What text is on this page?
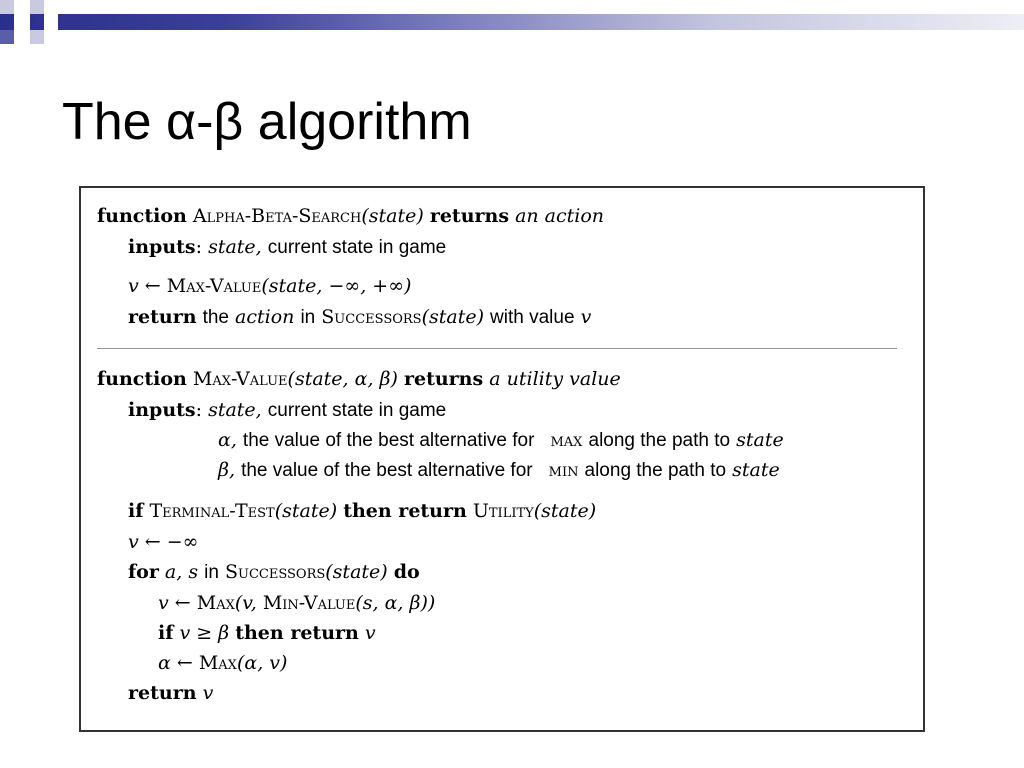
The α-β algorithm
function Alpha-Beta-Search(state) returns an action
inputs: state, current state in game
v ← Max-Value(state, −∞, +∞)
return the action in Successors(state) with value v
function Max-Value(state, α, β) returns a utility value
inputs: state, current state in game
α, the value of the best alternative for max along the path to state
β, the value of the best alternative for min along the path to state
if Terminal-Test(state) then return Utility(state)
v ← −∞
for a, s in Successors(state) do
v ← Max(v, Min-Value(s, α, β))
if v ≥ β then return v
α ← Max(α, v)
return v
